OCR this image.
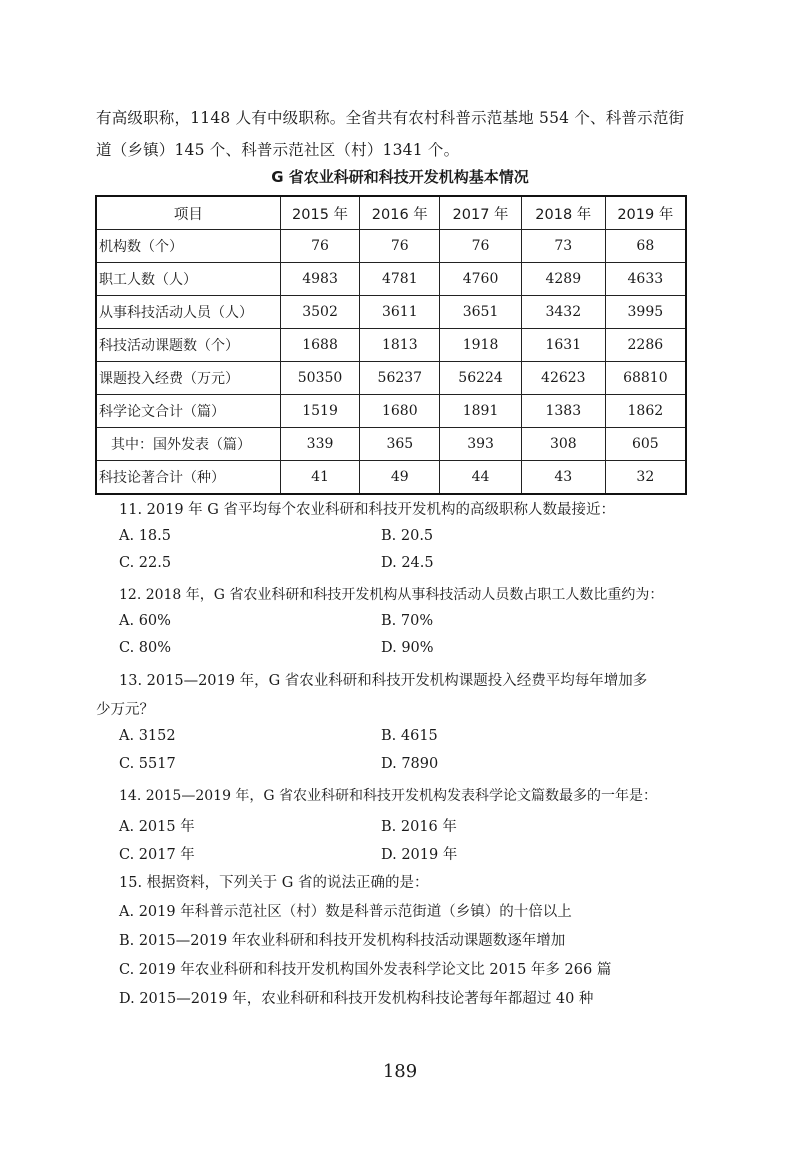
有高级职称，1148 人有中级职称。全省共有农村科普示范基地 554 个、科普示范街
道（乡镇）145 个、科普示范社区（村）1341 个。
G 省农业科研和科技开发机构基本情况
项目	2015 年	2016 年	2017 年	2018 年	2019 年
机构数（个）	76	76	76	73	68
职工人数（人）	4983	4781	4760	4289	4633
从事科技活动人员（人）	3502	3611	3651	3432	3995
科技活动课题数（个）	1688	1813	1918	1631	2286
课题投入经费（万元）	50350	56237	56224	42623	68810
科学论文合计（篇）	1519	1680	1891	1383	1862
其中：国外发表（篇）	339	365	393	308	605
科技论著合计（种）	41	49	44	43	32
11. 2019 年 G 省平均每个农业科研和科技开发机构的高级职称人数最接近：
A. 18.5	B. 20.5
C. 22.5	D. 24.5
12. 2018 年，G 省农业科研和科技开发机构从事科技活动人员数占职工人数比重约为：
A. 60%	B. 70%
C. 80%	D. 90%
13. 2015—2019 年，G 省农业科研和科技开发机构课题投入经费平均每年增加多
少万元？
A. 3152	B. 4615
C. 5517	D. 7890
14. 2015—2019 年，G 省农业科研和科技开发机构发表科学论文篇数最多的一年是：
A. 2015 年	B. 2016 年
C. 2017 年	D. 2019 年
15. 根据资料，下列关于 G 省的说法正确的是：
A. 2019 年科普示范社区（村）数是科普示范街道（乡镇）的十倍以上
B. 2015—2019 年农业科研和科技开发机构科技活动课题数逐年增加
C. 2019 年农业科研和科技开发机构国外发表科学论文比 2015 年多 266 篇
D. 2015—2019 年，农业科研和科技开发机构科技论著每年都超过 40 种
189
